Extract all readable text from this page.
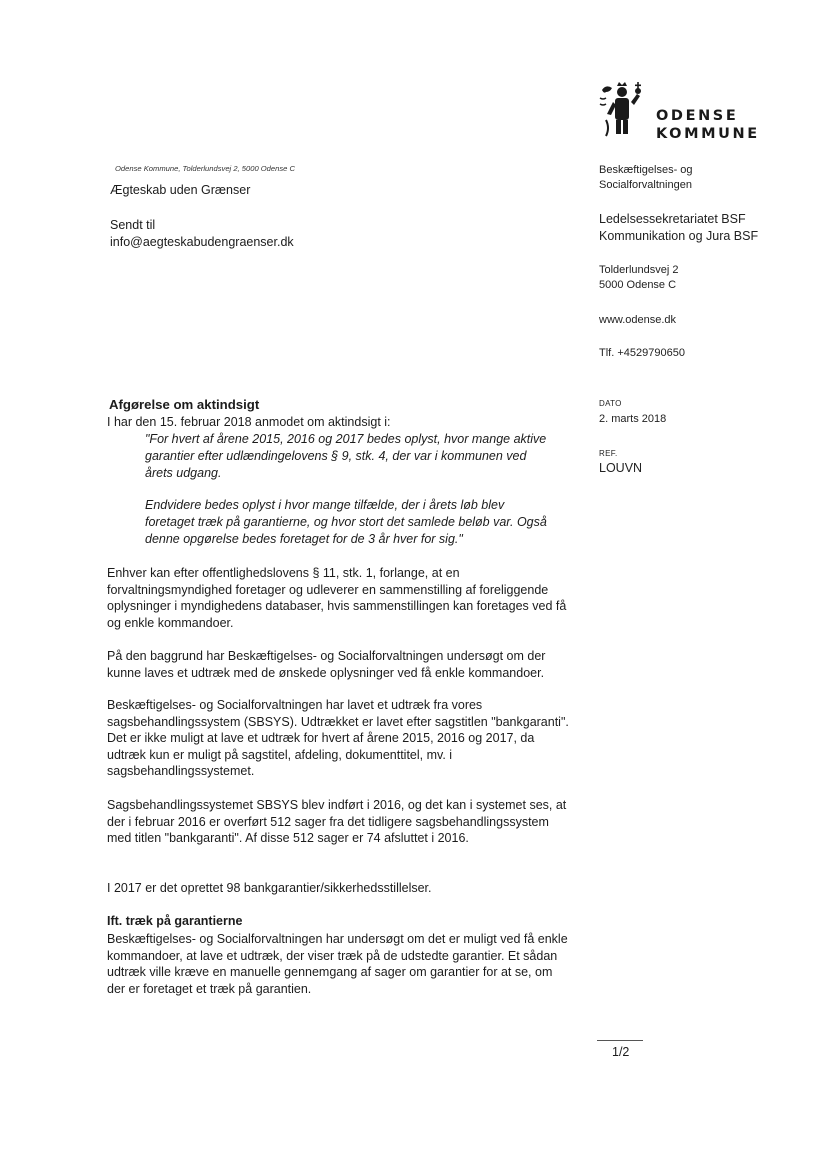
ODENSE
KOMMUNE
Odense Kommune, Tolderlundsvej 2, 5000 Odense C
Ægteskab uden Grænser
Sendt til
info@aegteskabudengraenser.dk
Beskæftigelses- og
Socialforvaltningen
Ledelsessekretariatet BSF
Kommunikation og Jura BSF
Tolderlundsvej 2
5000 Odense C
www.odense.dk
Tlf. +4529790650
DATO
2. marts 2018
REF.
LOUVN
Afgørelse om aktindsigt

I har den 15. februar 2018 anmodet om aktindsigt i:

"For hvert af årene 2015, 2016 og 2017 bedes oplyst, hvor mange aktive garantier efter udlændingelovens § 9, stk. 4, der var i kommunen ved årets udgang.

Endvidere bedes oplyst i hvor mange tilfælde, der i årets løb blev foretaget træk på garantierne, og hvor stort det samlede beløb var. Også denne opgørelse bedes foretaget for de 3 år hver for sig."

Enhver kan efter offentlighedslovens § 11, stk. 1, forlange, at en forvaltningsmyndighed foretager og udleverer en sammenstilling af foreliggende oplysninger i myndighedens databaser, hvis sammenstillingen kan foretages ved få og enkle kommandoer.

På den baggrund har Beskæftigelses- og Socialforvaltningen undersøgt om der kunne laves et udtræk med de ønskede oplysninger ved få enkle kommandoer.

Beskæftigelses- og Socialforvaltningen har lavet et udtræk fra vores sagsbehandlingssystem (SBSYS). Udtrækket er lavet efter sagstitlen "bankgaranti". Det er ikke muligt at lave et udtræk for hvert af årene 2015, 2016 og 2017, da udtræk kun er muligt på sagstitel, afdeling, dokumenttitel, mv. i sagsbehandlingssystemet.

Sagsbehandlingssystemet SBSYS blev indført i 2016, og det kan i systemet ses, at der i februar 2016 er overført 512 sager fra det tidligere sagsbehandlingssystem med titlen "bankgaranti". Af disse 512 sager er 74 afsluttet i 2016.

I 2017 er det oprettet 98 bankgarantier/sikkerhedsstillelser.

Ift. træk på garantierne

Beskæftigelses- og Socialforvaltningen har undersøgt om det er muligt ved få enkle kommandoer, at lave et udtræk, der viser træk på de udstedte garantier. Et sådan udtræk ville kræve en manuelle gennemgang af sager om garantier for at se, om der er foretaget et træk på garantien.

1/2
